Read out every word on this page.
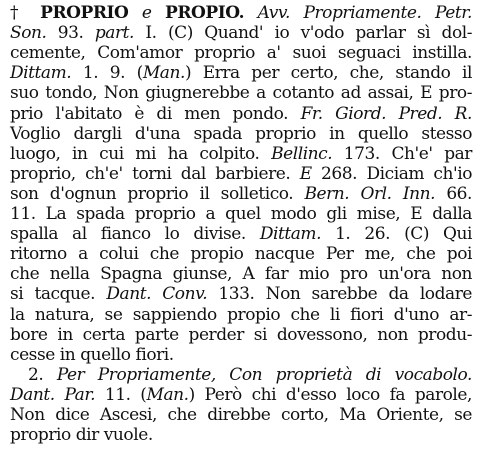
† PROPRIO e PROPIO. Avv. Propriamente. Petr.
Son. 93. part. I. (C) Quand' io v'odo parlar sì dol-
cemente, Com'amor proprio a' suoi seguaci instilla.
Dittam. 1. 9. (Man.) Erra per certo, che, stando il
suo tondo, Non giugnerebbe a cotanto ad assai, E pro-
prio l'abitato è di men pondo. Fr. Giord. Pred. R.
Voglio dargli d'una spada proprio in quello stesso
luogo, in cui mi ha colpito. Bellinc. 173. Ch'e' par
proprio, ch'e' torni dal barbiere. E 268. Diciam ch'io
son d'ognun proprio il solletico. Bern. Orl. Inn. 66.
11. La spada proprio a quel modo gli mise, E dalla
spalla al fianco lo divise. Dittam. 1. 26. (C) Qui
ritorno a colui che propio nacque Per me, che poi
che nella Spagna giunse, A far mio pro un'ora non
si tacque. Dant. Conv. 133. Non sarebbe da lodare
la natura, se sappiendo propio che li fiori d'uno ar-
bore in certa parte perder si dovessono, non produ-
cesse in quello fiori.
2. Per Propriamente, Con proprietà di vocabolo.
Dant. Par. 11. (Man.) Però chi d'esso loco fa parole,
Non dice Ascesi, che direbbe corto, Ma Oriente, se
proprio dir vuole.
